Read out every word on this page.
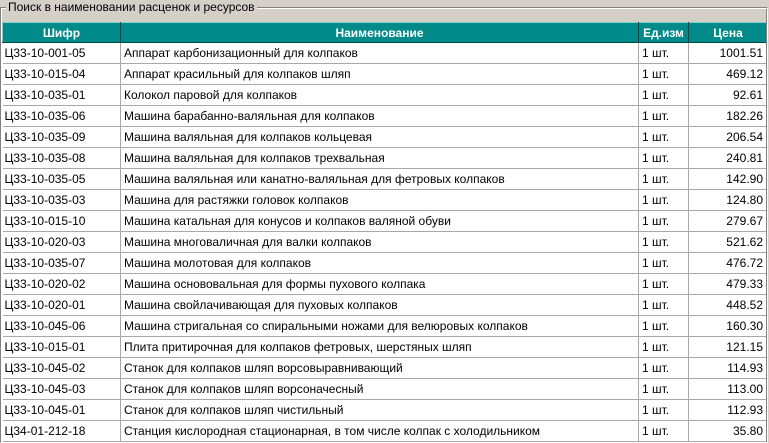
Поиск в наименовании расценок и ресурсов
Шифр	Наименование	Ед.изм	Цена
Ц33-10-001-05	Аппарат карбонизационный для колпаков	1 шт.	1001.51
Ц33-10-015-04	Аппарат красильный для колпаков шляп	1 шт.	469.12
Ц33-10-035-01	Колокол паровой для колпаков	1 шт.	92.61
Ц33-10-035-06	Машина барабанно-валяльная для колпаков	1 шт.	182.26
Ц33-10-035-09	Машина валяльная для колпаков кольцевая	1 шт.	206.54
Ц33-10-035-08	Машина валяльная для колпаков трехвальная	1 шт.	240.81
Ц33-10-035-05	Машина валяльная или канатно-валяльная для фетровых колпаков	1 шт.	142.90
Ц33-10-035-03	Машина для растяжки головок колпаков	1 шт.	124.80
Ц33-10-015-10	Машина катальная для конусов и колпаков валяной обуви	1 шт.	279.67
Ц33-10-020-03	Машина многоваличная для валки колпаков	1 шт.	521.62
Ц33-10-035-07	Машина молотовая для колпаков	1 шт.	476.72
Ц33-10-020-02	Машина основовальная для формы пухового колпака	1 шт.	479.33
Ц33-10-020-01	Машина свойлачивающая для пуховых колпаков	1 шт.	448.52
Ц33-10-045-06	Машина стригальная со спиральными ножами для велюровых колпаков	1 шт.	160.30
Ц33-10-015-01	Плита притирочная для колпаков фетровых, шерстяных шляп	1 шт.	121.15
Ц33-10-045-02	Станок для колпаков шляп ворсовыравнивающий	1 шт.	114.93
Ц33-10-045-03	Станок для колпаков шляп ворсоначесный	1 шт.	113.00
Ц33-10-045-01	Станок для колпаков шляп чистильный	1 шт.	112.93
Ц34-01-212-18	Станция кислородная стационарная, в том числе колпак с холодильником	1 шт.	35.80
